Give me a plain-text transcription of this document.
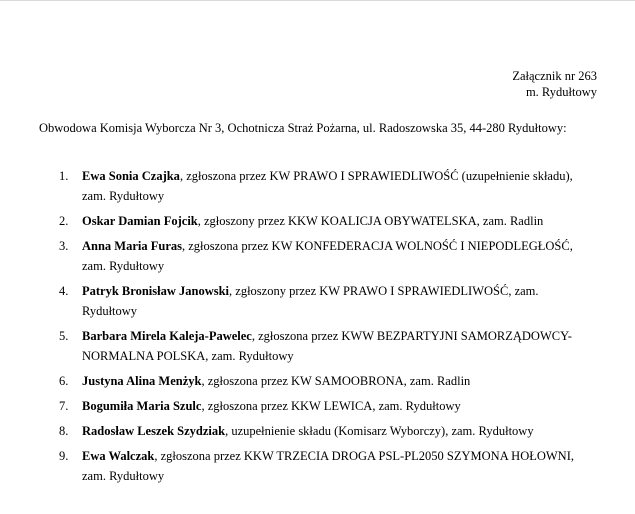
Załącznik nr 263
m. Rydułtowy
Obwodowa Komisja Wyborcza Nr 3, Ochotnicza Straż Pożarna, ul. Radoszowska 35, 44-280 Rydułtowy:
1. Ewa Sonia Czajka, zgłoszona przez KW PRAWO I SPRAWIEDLIWOŚĆ (uzupełnienie składu), zam. Rydułtowy
2. Oskar Damian Fojcik, zgłoszony przez KKW KOALICJA OBYWATELSKA, zam. Radlin
3. Anna Maria Furas, zgłoszona przez KW KONFEDERACJA WOLNOŚĆ I NIEPODLEGŁOŚĆ, zam. Rydułtowy
4. Patryk Bronisław Janowski, zgłoszony przez KW PRAWO I SPRAWIEDLIWOŚĆ, zam. Rydułtowy
5. Barbara Mirela Kaleja-Pawelec, zgłoszona przez KWW BEZPARTYJNI SAMORZĄDOWCY-NORMALNA POLSKA, zam. Rydułtowy
6. Justyna Alina Menżyk, zgłoszona przez KW SAMOOBRONA, zam. Radlin
7. Bogumiła Maria Szulc, zgłoszona przez KKW LEWICA, zam. Rydułtowy
8. Radosław Leszek Szydziak, uzupełnienie składu (Komisarz Wyborczy), zam. Rydułtowy
9. Ewa Walczak, zgłoszona przez KKW TRZECIA DROGA PSL-PL2050 SZYMONA HOŁOWNI, zam. Rydułtowy
